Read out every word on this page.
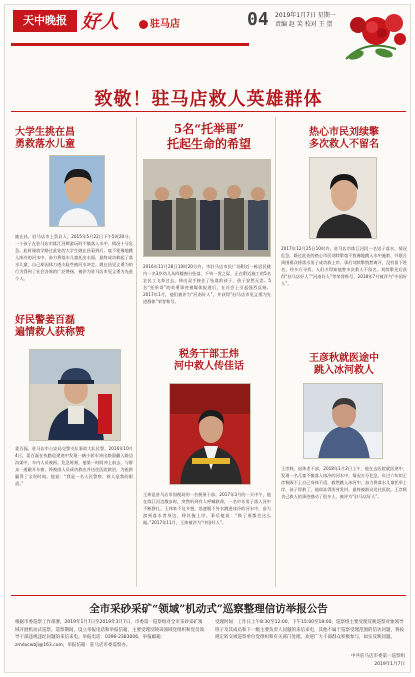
天中晚报 好人	驻马店	04 2019年1月7日 星期一
责编 赵 笑 校对 王 贺
致敬！驻马店救人英雄群体
大学生挑在昌
勇救落水儿童
姚在昌，驻马店市上蔡县人。2015年5月22日下午5时20分，一个孩子在驻马店市练江河畔游玩时不慎落入水中，情况十分危急。此时刚放学路过此处的大学生姚在昌看到后，毫不犹豫地跳入冰冷的河水中，奋力将落水儿童托出水面，最终成功救起了落水儿童，自己却因体力透支险些被河水冲走。姚在昌见义勇为的行为得到了社会各界的广泛赞扬，被评为驻马店市见义勇为先进个人。
好民警姜百磊
遍情救人获称赞
姜百磊，驻马店市公安局交警支队事故大队民警。2016年10月4日，姜百磊在执勤巡逻途中发现一辆小轿车冲出路面翻入路边沟渠中，车内人员被困。危急时刻，他第一时间冲上前去，与群众一道砸开车窗，将被困人员成功救出并送往医院救治，为抢救赢得了宝贵时间。他说：“我是一名人民警察，救人是我的职责。”
5名“托举哥”
托起生命的希望
2016年11月28日10时20分许，市驻马店市民广场附近一栋居民楼内一名3岁幼儿从四楼窗台坠落，千钧一发之际，正在附近施工的5名农民工飞奔过去，伸出双手接住了坠落的孩子，孩子安然无恙。5名“托举哥”的英勇事迹被媒体报道后，在社会上引起强烈反响。2017年1月，他们被评为“河南好人”，并获得“驻马店市见义勇为先进群体”荣誉称号。
税务干部王炜
河中救人传佳话
王炜是驻马店市国税局的一名税务干部。2017年3月的一天中午，他在练江河边散步时，突然听到有人呼喊救命，一名中年男子落入河中不断挣扎。王炜来不及多想，迅速脱下外衣跳进冰冷的河水中，奋力游到落水者身边，将其拖上岸。事后他说：“换了谁都会这么做。”2017年11月，王炜被评为“中国好人”。
热心市民刘续擎
多次救人不留名
2017年12月25日10时许，驻马店市练江河段一名男子落水，情况危急。路过此处的热心市民刘续擎毫不犹豫地跳入水中施救，并联合周围群众将落水男子成功救上岸。事后刘续擎悄然离开，没有留下姓名。经多方寻找，人们才得知他曾多次救人不留名。刘续擎先后获得“驻马店好人”“河南好人”等荣誉称号，2018年7月被评为“中国好人”。
王彦秋就医途中
跳入冰河救人
王彦秋，退休老干部，2018年1月2日上午，他在去医院就医途中，发现一名儿童不慎落入冰冷的河水中，情况万分危急。年过六旬的王彦秋顾不上自己身体不适，毅然跳入冰河中，奋力将落水儿童托举上岸，孩子得救了，他却冻得浑身发抖，最终被群众送往医院。王彦秋舍己救人的事迹感动了很多人，被评为“驻马店好人”。
全市采砂采矿“领域”机动式”巡察整理信访举报公告
根据市委巡察工作部署，2019年1月7日至2019年3月7日，市委第一巡察组对全市采砂采矿领域开展机动式巡察。巡察期间，设立举报电话和举报信箱，主要受理反映该领域党组织和党员领导干部违规违纪问题的来信来电。举报电话：0396-2383006，举报邮箱：zmdxcwbjl@163.com，举报信箱：驻马店市委巡察办。
受理时间：工作日上午8:30至12:00，下午15:00至18:00。巡察组主要受理反映巡察对象领导班子及其成员和下一级主要负责人问题的来信来电，其他不属于巡察受理范围的信访问题，将按规定转交被巡察单位党组织和有关部门处理。欢迎广大干部群众积极参与，如实反映问题。
中共驻马店市委第一巡察组
2019年1月7日
